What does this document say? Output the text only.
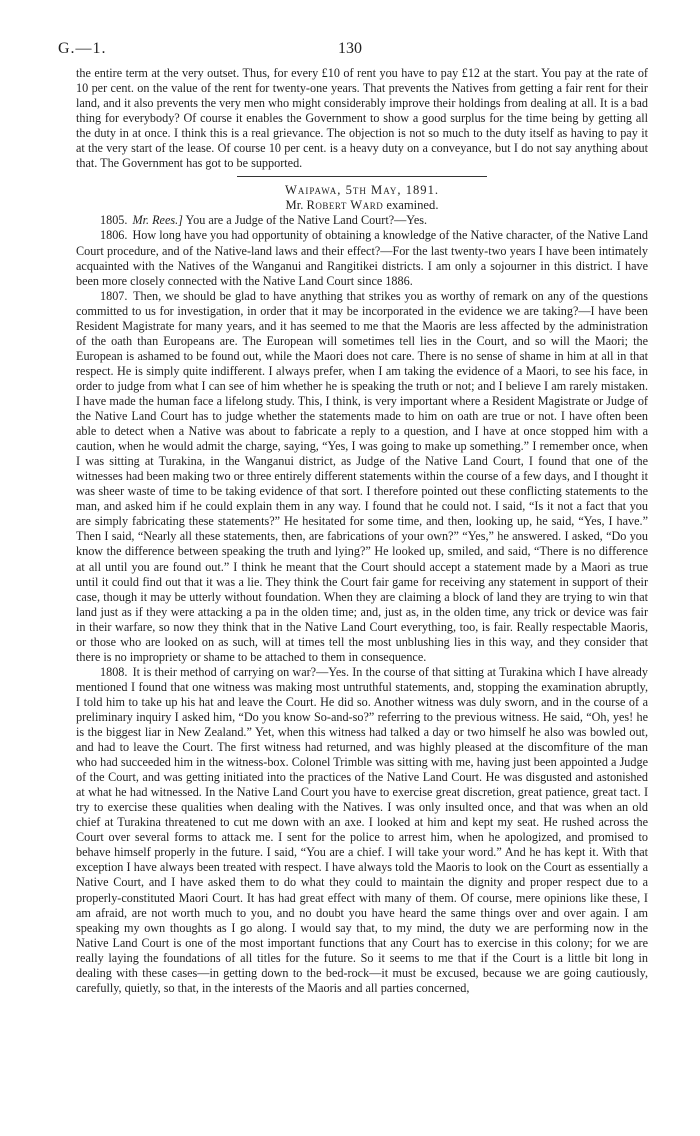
G.—1.	130

the entire term at the very outset. Thus, for every £10 of rent you have to pay £12 at the start. You pay at the rate of 10 per cent. on the value of the rent for twenty-one years. That prevents the Natives from getting a fair rent for their land, and it also prevents the very men who might considerably improve their holdings from dealing at all. It is a bad thing for everybody? Of course it enables the Government to show a good surplus for the time being by getting all the duty in at once. I think this is a real grievance. The objection is not so much to the duty itself as having to pay it at the very start of the lease. Of course 10 per cent. is a heavy duty on a conveyance, but I do not say anything about that. The Government has got to be supported.

Waipawa, 5th May, 1891.

Mr. Robert Ward examined.

1805. Mr. Rees.] You are a Judge of the Native Land Court?—Yes.

1806. How long have you had opportunity of obtaining a knowledge of the Native character, of the Native Land Court procedure, and of the Native-land laws and their effect?—For the last twenty-two years I have been intimately acquainted with the Natives of the Wanganui and Rangitikei districts. I am only a sojourner in this district. I have been more closely connected with the Native Land Court since 1886.

1807. Then, we should be glad to have anything that strikes you as worthy of remark on any of the questions committed to us for investigation, in order that it may be incorporated in the evidence we are taking?—I have been Resident Magistrate for many years, and it has seemed to me that the Maoris are less affected by the administration of the oath than Europeans are. The European will sometimes tell lies in the Court, and so will the Maori; the European is ashamed to be found out, while the Maori does not care. There is no sense of shame in him at all in that respect. He is simply quite indifferent. I always prefer, when I am taking the evidence of a Maori, to see his face, in order to judge from what I can see of him whether he is speaking the truth or not; and I believe I am rarely mistaken. I have made the human face a lifelong study. This, I think, is very important where a Resident Magistrate or Judge of the Native Land Court has to judge whether the statements made to him on oath are true or not. I have often been able to detect when a Native was about to fabricate a reply to a question, and I have at once stopped him with a caution, when he would admit the charge, saying, “Yes, I was going to make up something.” I remember once, when I was sitting at Turakina, in the Wanganui district, as Judge of the Native Land Court, I found that one of the witnesses had been making two or three entirely different statements within the course of a few days, and I thought it was sheer waste of time to be taking evidence of that sort. I therefore pointed out these conflicting statements to the man, and asked him if he could explain them in any way. I found that he could not. I said, “Is it not a fact that you are simply fabricating these statements?” He hesitated for some time, and then, looking up, he said, “Yes, I have.” Then I said, “Nearly all these statements, then, are fabrications of your own?” “Yes,” he answered. I asked, “Do you know the difference between speaking the truth and lying?” He looked up, smiled, and said, “There is no difference at all until you are found out.” I think he meant that the Court should accept a statement made by a Maori as true until it could find out that it was a lie. They think the Court fair game for receiving any statement in support of their case, though it may be utterly without foundation. When they are claiming a block of land they are trying to win that land just as if they were attacking a pa in the olden time; and, just as, in the olden time, any trick or device was fair in their warfare, so now they think that in the Native Land Court everything, too, is fair. Really respectable Maoris, or those who are looked on as such, will at times tell the most unblushing lies in this way, and they consider that there is no impropriety or shame to be attached to them in consequence.

1808. It is their method of carrying on war?—Yes. In the course of that sitting at Turakina which I have already mentioned I found that one witness was making most untruthful statements, and, stopping the examination abruptly, I told him to take up his hat and leave the Court. He did so. Another witness was duly sworn, and in the course of a preliminary inquiry I asked him, “Do you know So-and-so?” referring to the previous witness. He said, “Oh, yes! he is the biggest liar in New Zealand.” Yet, when this witness had talked a day or two himself he also was bowled out, and had to leave the Court. The first witness had returned, and was highly pleased at the discomfiture of the man who had succeeded him in the witness-box. Colonel Trimble was sitting with me, having just been appointed a Judge of the Court, and was getting initiated into the practices of the Native Land Court. He was disgusted and astonished at what he had witnessed. In the Native Land Court you have to exercise great discretion, great patience, great tact. I try to exercise these qualities when dealing with the Natives. I was only insulted once, and that was when an old chief at Turakina threatened to cut me down with an axe. I looked at him and kept my seat. He rushed across the Court over several forms to attack me. I sent for the police to arrest him, when he apologized, and promised to behave himself properly in the future. I said, “You are a chief. I will take your word.” And he has kept it. With that exception I have always been treated with respect. I have always told the Maoris to look on the Court as essentially a Native Court, and I have asked them to do what they could to maintain the dignity and proper respect due to a properly-constituted Maori Court. It has had great effect with many of them. Of course, mere opinions like these, I am afraid, are not worth much to you, and no doubt you have heard the same things over and over again. I am speaking my own thoughts as I go along. I would say that, to my mind, the duty we are performing now in the Native Land Court is one of the most important functions that any Court has to exercise in this colony; for we are really laying the foundations of all titles for the future. So it seems to me that if the Court is a little bit long in dealing with these cases—in getting down to the bed-rock—it must be excused, because we are going cautiously, carefully, quietly, so that, in the interests of the Maoris and all parties concerned,
